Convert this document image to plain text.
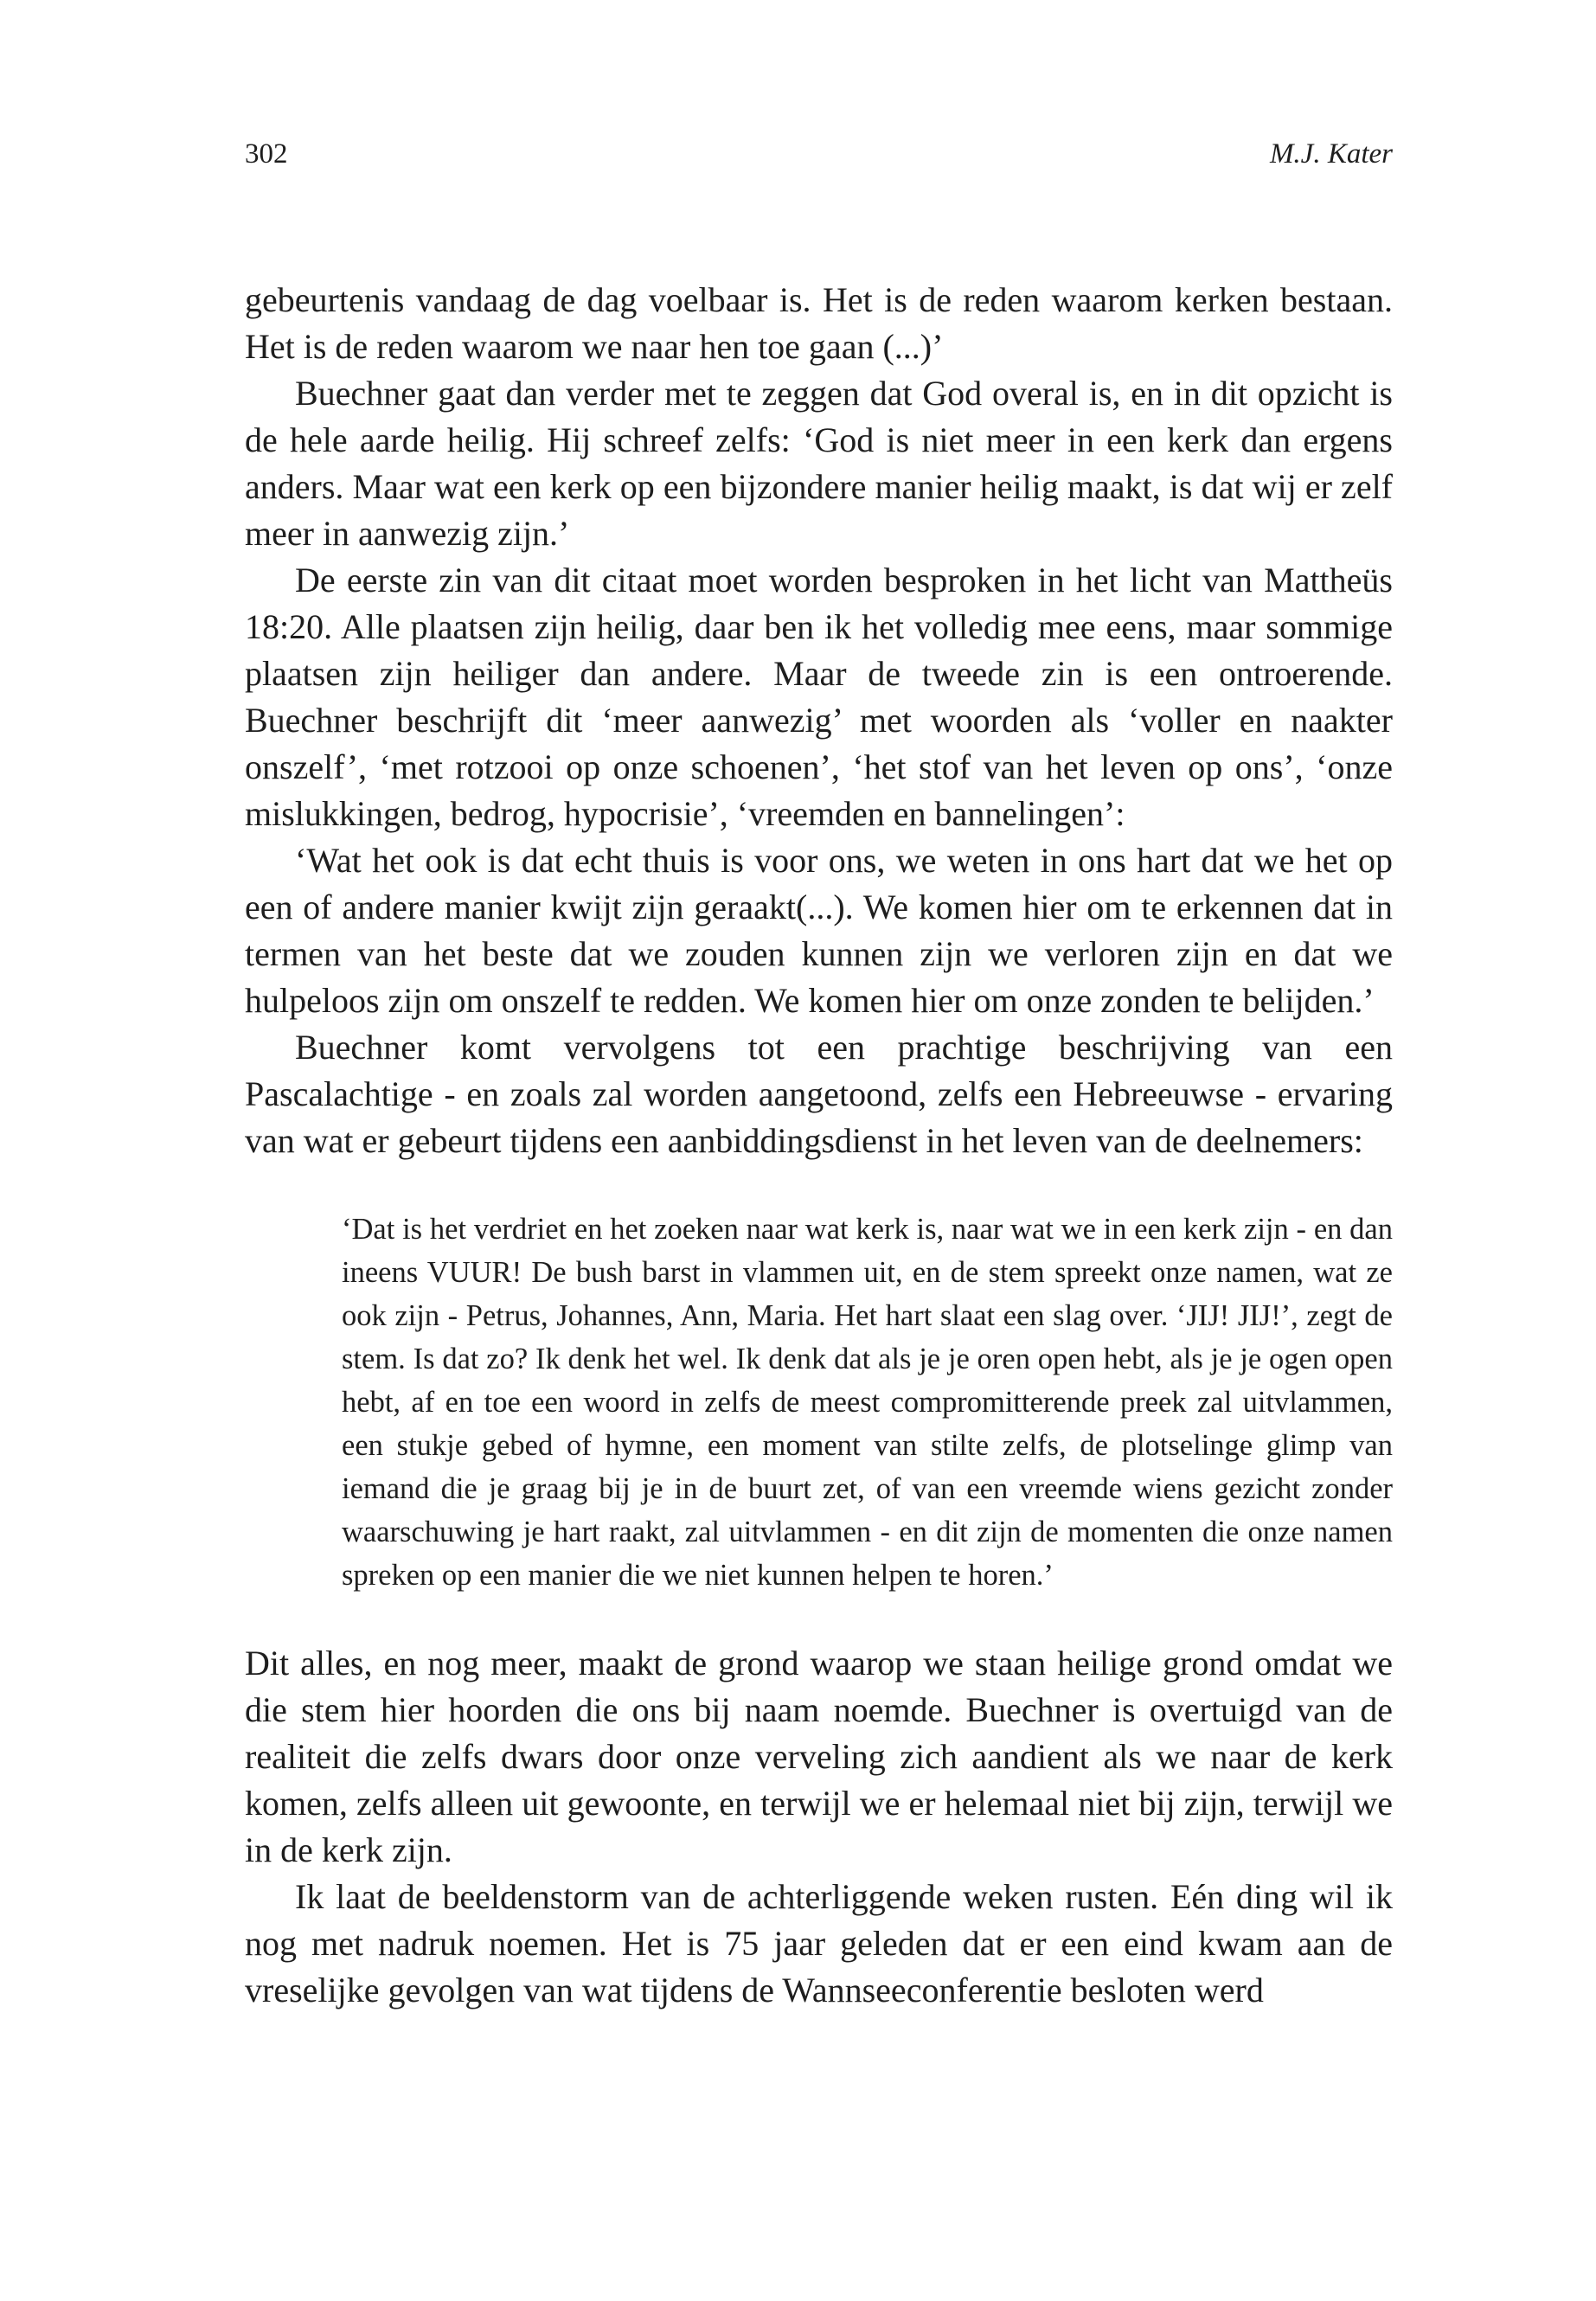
302	M.J. Kater

gebeurtenis vandaag de dag voelbaar is. Het is de reden waarom kerken bestaan. Het is de reden waarom we naar hen toe gaan (...)’

Buechner gaat dan verder met te zeggen dat God overal is, en in dit opzicht is de hele aarde heilig. Hij schreef zelfs: ‘God is niet meer in een kerk dan ergens anders. Maar wat een kerk op een bijzondere manier heilig maakt, is dat wij er zelf meer in aanwezig zijn.’

De eerste zin van dit citaat moet worden besproken in het licht van Mattheüs 18:20. Alle plaatsen zijn heilig, daar ben ik het volledig mee eens, maar sommige plaatsen zijn heiliger dan andere. Maar de tweede zin is een ontroerende. Buechner beschrijft dit ‘meer aanwezig’ met woorden als ‘voller en naakter onszelf’, ‘met rotzooi op onze schoenen’, ‘het stof van het leven op ons’, ‘onze mislukkingen, bedrog, hypocrisie’, ‘vreemden en bannelingen’:

‘Wat het ook is dat echt thuis is voor ons, we weten in ons hart dat we het op een of andere manier kwijt zijn geraakt(...). We komen hier om te erkennen dat in termen van het beste dat we zouden kunnen zijn we verloren zijn en dat we hulpeloos zijn om onszelf te redden. We komen hier om onze zonden te belijden.’

Buechner komt vervolgens tot een prachtige beschrijving van een Pascalachtige - en zoals zal worden aangetoond, zelfs een Hebreeuwse - ervaring van wat er gebeurt tijdens een aanbiddingsdienst in het leven van de deelnemers:

‘Dat is het verdriet en het zoeken naar wat kerk is, naar wat we in een kerk zijn - en dan ineens VUUR! De bush barst in vlammen uit, en de stem spreekt onze namen, wat ze ook zijn - Petrus, Johannes, Ann, Maria. Het hart slaat een slag over. ‘JIJ! JIJ!’, zegt de stem. Is dat zo? Ik denk het wel. Ik denk dat als je je oren open hebt, als je je ogen open hebt, af en toe een woord in zelfs de meest compromitterende preek zal uitvlammen, een stukje gebed of hymne, een moment van stilte zelfs, de plotselinge glimp van iemand die je graag bij je in de buurt zet, of van een vreemde wiens gezicht zonder waarschuwing je hart raakt, zal uitvlammen - en dit zijn de momenten die onze namen spreken op een manier die we niet kunnen helpen te horen.’

Dit alles, en nog meer, maakt de grond waarop we staan heilige grond omdat we die stem hier hoorden die ons bij naam noemde. Buechner is overtuigd van de realiteit die zelfs dwars door onze verveling zich aandient als we naar de kerk komen, zelfs alleen uit gewoonte, en terwijl we er helemaal niet bij zijn, terwijl we in de kerk zijn.

Ik laat de beeldenstorm van de achterliggende weken rusten. Eén ding wil ik nog met nadruk noemen. Het is 75 jaar geleden dat er een eind kwam aan de vreselijke gevolgen van wat tijdens de Wannseeconferentie besloten werd
